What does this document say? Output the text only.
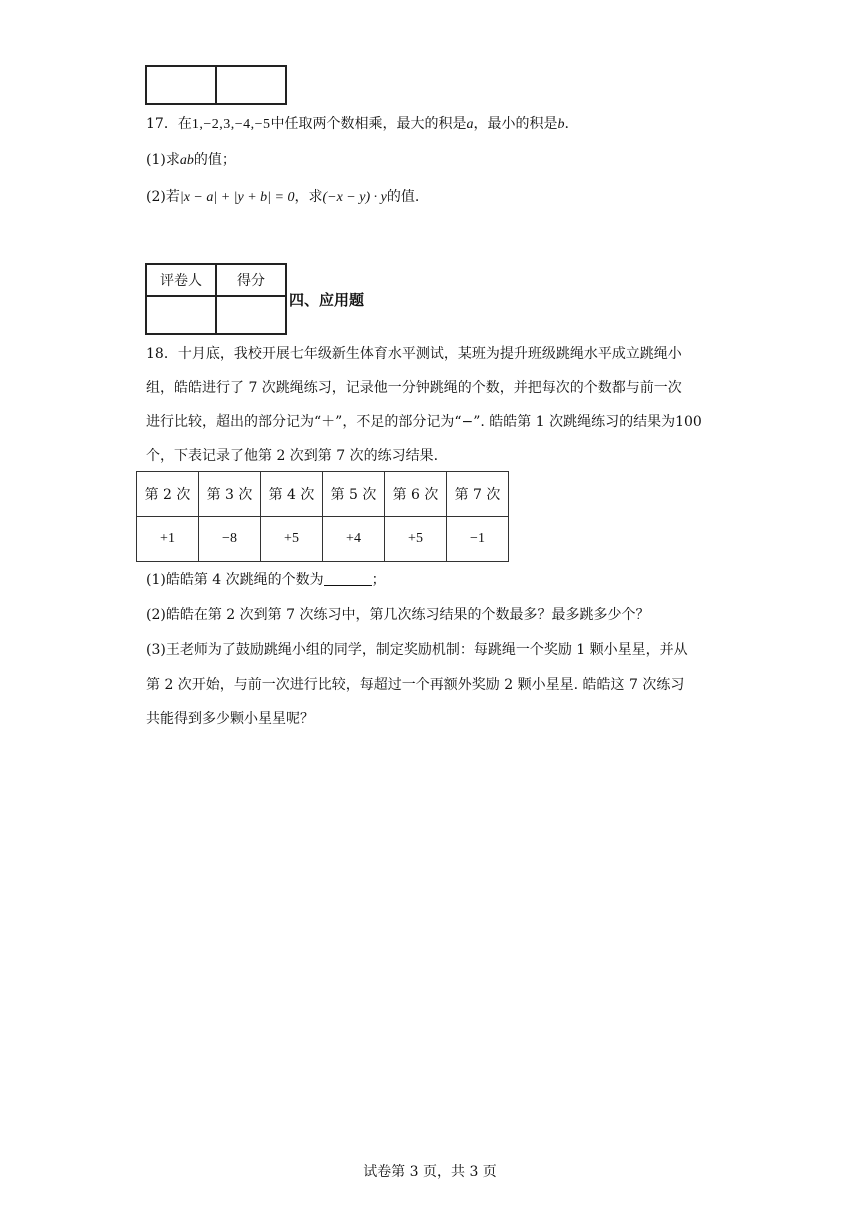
17．在1,−2,3,−4,−5中任取两个数相乘，最大的积是a，最小的积是b.
(1)求ab的值；
(2)若|x − a| + |y + b| = 0，求(−x − y) · y的值.
评卷人	得分

四、应用题
18．十月底，我校开展七年级新生体育水平测试，某班为提升班级跳绳水平成立跳绳小
组，皓皓进行了 7 次跳绳练习，记录他一分钟跳绳的个数，并把每次的个数都与前一次
进行比较，超出的部分记为“＋”，不足的部分记为“−”. 皓皓第 1 次跳绳练习的结果为100
个，下表记录了他第 2 次到第 7 次的练习结果.
第 2 次	第 3 次	第 4 次	第 5 次	第 6 次	第 7 次
+1	−8	+5	+4	+5	−1
(1)皓皓第 4 次跳绳的个数为	；
(2)皓皓在第 2 次到第 7 次练习中，第几次练习结果的个数最多？最多跳多少个？
(3)王老师为了鼓励跳绳小组的同学，制定奖励机制：每跳绳一个奖励 1 颗小星星，并从
第 2 次开始，与前一次进行比较，每超过一个再额外奖励 2 颗小星星. 皓皓这 7 次练习
共能得到多少颗小星星呢？
试卷第 3 页，共 3 页
